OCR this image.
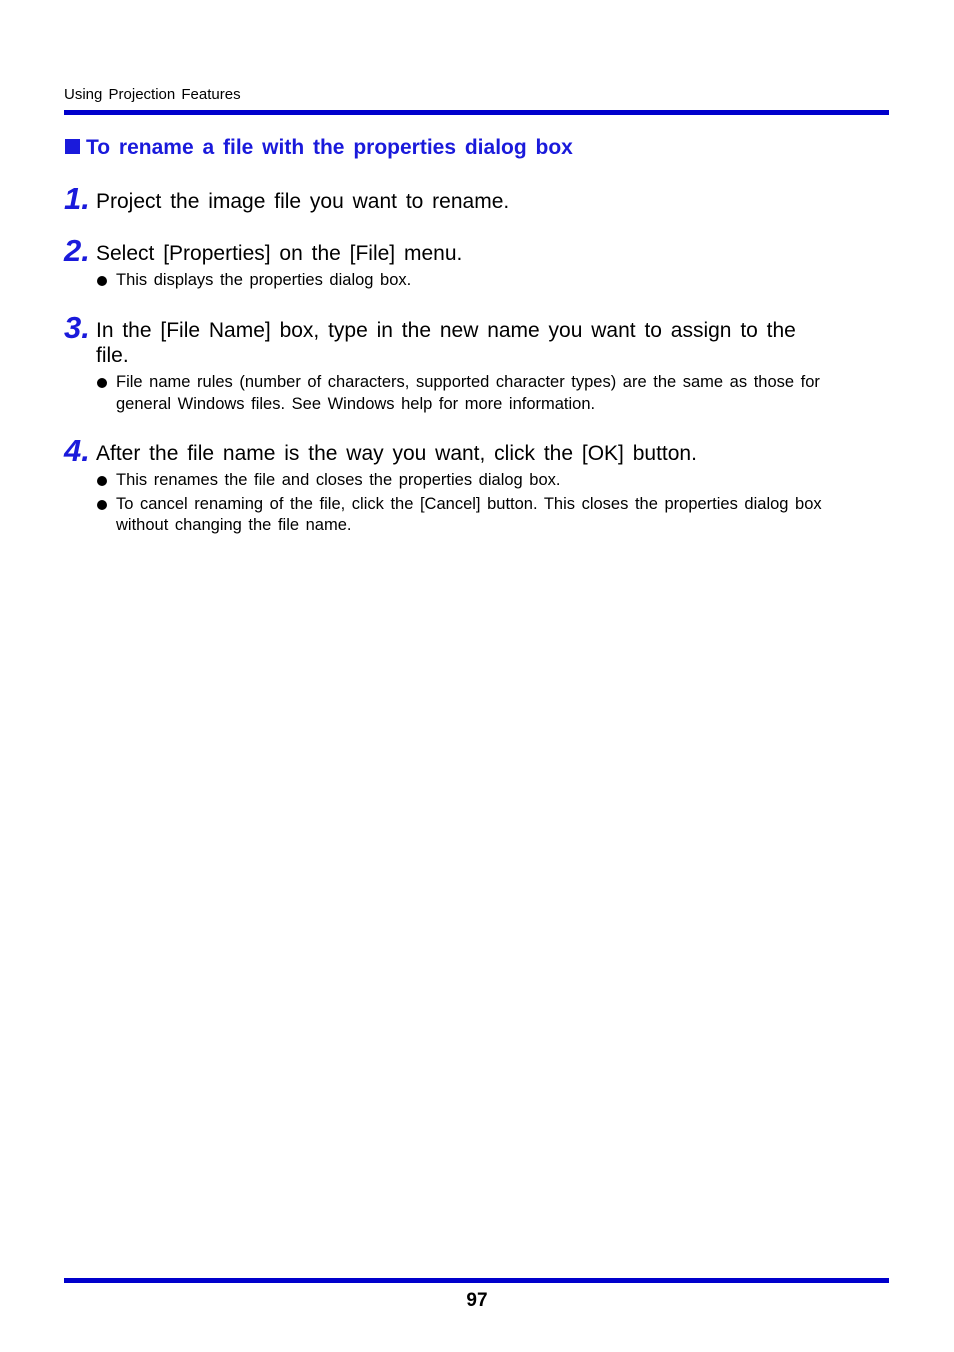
Using Projection Features
To rename a file with the properties dialog box
1. Project the image file you want to rename.
2. Select [Properties] on the [File] menu.
This displays the properties dialog box.
3. In the [File Name] box, type in the new name you want to assign to the file.
File name rules (number of characters, supported character types) are the same as those for general Windows files. See Windows help for more information.
4. After the file name is the way you want, click the [OK] button.
This renames the file and closes the properties dialog box.
To cancel renaming of the file, click the [Cancel] button. This closes the properties dialog box without changing the file name.
97
